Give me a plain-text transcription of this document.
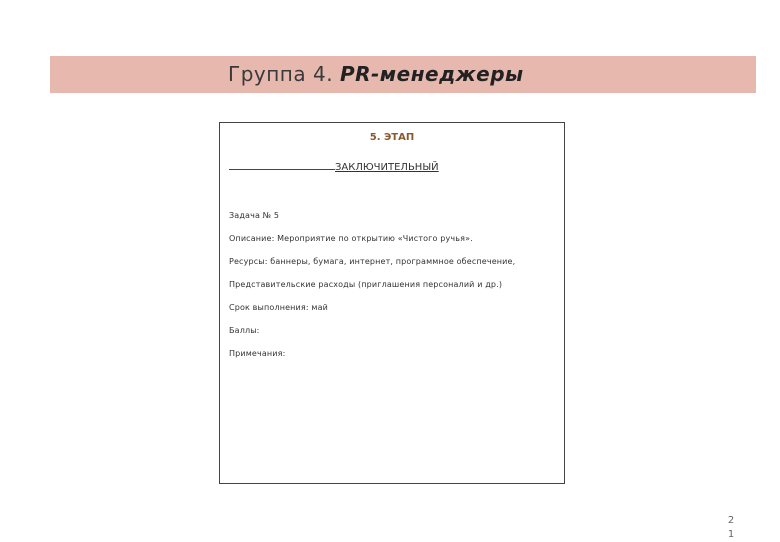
Группа 4. PR-менеджеры
5. ЭТАП
ЗАКЛЮЧИТЕЛЬНЫЙ
Задача № 5
Описание: Мероприятие по открытию «Чистого ручья».
Ресурсы: баннеры, бумага, интернет, программное обеспечение,
Представительские расходы (приглашения персоналий и др.)
Срок выполнения: май
Баллы:
Примечания:
2
1
